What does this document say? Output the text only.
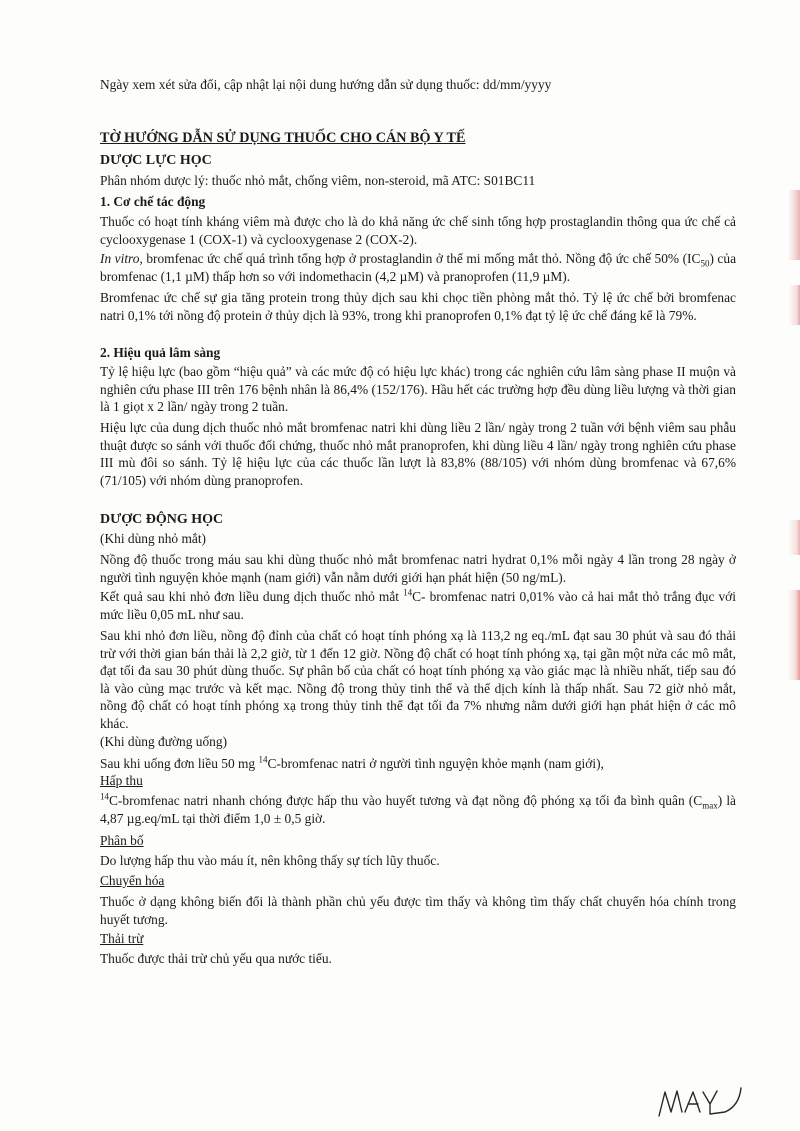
Ngày xem xét sửa đổi, cập nhật lại nội dung hướng dẫn sử dụng thuốc: dd/mm/yyyy

TỜ HƯỚNG DẪN SỬ DỤNG THUỐC CHO CÁN BỘ Y TẾ

DƯỢC LỰC HỌC

Phân nhóm dược lý: thuốc nhỏ mắt, chống viêm, non-steroid, mã ATC: S01BC11

1. Cơ chế tác động

Thuốc có hoạt tính kháng viêm mà được cho là do khả năng ức chế sinh tổng hợp prostaglandin thông qua ức chế cả cyclooxygenase 1 (COX-1) và cyclooxygenase 2 (COX-2).

In vitro, bromfenac ức chế quá trình tổng hợp ở prostaglandin ở thể mi mống mắt thỏ. Nồng độ ức chế 50% $(IC_{50})$ của bromfenac (1,1 µM) thấp hơn so với indomethacin (4,2 µM) và pranoprofen (11,9 µM).

Bromfenac ức chế sự gia tăng protein trong thủy dịch sau khi chọc tiền phòng mắt thỏ. Tỷ lệ ức chế bởi bromfenac natri 0,1% tới nồng độ protein ở thủy dịch là 93%, trong khi pranoprofen 0,1% đạt tỷ lệ ức chế đáng kể là 79%.

2. Hiệu quả lâm sàng

Tỷ lệ hiệu lực (bao gồm “hiệu quả” và các mức độ có hiệu lực khác) trong các nghiên cứu lâm sàng phase II muộn và nghiên cứu phase III trên 176 bệnh nhân là 86,4% (152/176). Hầu hết các trường hợp đều dùng liều lượng và thời gian là 1 giọt x 2 lần/ ngày trong 2 tuần.

Hiệu lực của dung dịch thuốc nhỏ mắt bromfenac natri khi dùng liều 2 lần/ ngày trong 2 tuần với bệnh viêm sau phẫu thuật được so sánh với thuốc đối chứng, thuốc nhỏ mắt pranoprofen, khi dùng liều 4 lần/ ngày trong nghiên cứu phase III mù đôi so sánh. Tỷ lệ hiệu lực của các thuốc lần lượt là 83,8% (88/105) với nhóm dùng bromfenac và 67,6% (71/105) với nhóm dùng pranoprofen.

DƯỢC ĐỘNG HỌC

(Khi dùng nhỏ mắt)

Nồng độ thuốc trong máu sau khi dùng thuốc nhỏ mắt bromfenac natri hydrat 0,1% mỗi ngày 4 lần trong 28 ngày ở người tình nguyện khỏe mạnh (nam giới) vẫn nằm dưới giới hạn phát hiện (50 ng/mL).

Kết quả sau khi nhỏ đơn liều dung dịch thuốc nhỏ mắt $^{14}$C- bromfenac natri 0,01% vào cả hai mắt thỏ trắng đục với mức liều 0,05 mL như sau.

Sau khi nhỏ đơn liều, nồng độ đỉnh của chất có hoạt tính phóng xạ là 113,2 ng eq./mL đạt sau 30 phút và sau đó thải trừ với thời gian bán thải là 2,2 giờ, từ 1 đến 12 giờ. Nồng độ chất có hoạt tính phóng xạ, tại gần một nửa các mô mắt, đạt tối đa sau 30 phút dùng thuốc. Sự phân bố của chất có hoạt tính phóng xạ vào giác mạc là nhiều nhất, tiếp sau đó là vào củng mạc trước và kết mạc. Nồng độ trong thủy tinh thể và thể dịch kính là thấp nhất. Sau 72 giờ nhỏ mắt, nồng độ chất có hoạt tính phóng xạ trong thủy tinh thể đạt tối đa 7% nhưng nằm dưới giới hạn phát hiện ở các mô khác.

(Khi dùng đường uống)

Sau khi uống đơn liều 50 mg $^{14}$C-bromfenac natri ở người tình nguyện khỏe mạnh (nam giới),

Hấp thu

$^{14}$C-bromfenac natri nhanh chóng được hấp thu vào huyết tương và đạt nồng độ phóng xạ tối đa bình quân $(C_{max})$ là 4,87 µg.eq/mL tại thời điểm 1,0 ± 0,5 giờ.

Phân bố

Do lượng hấp thu vào máu ít, nên không thấy sự tích lũy thuốc.

Chuyển hóa

Thuốc ở dạng không biến đổi là thành phần chủ yếu được tìm thấy và không tìm thấy chất chuyển hóa chính trong huyết tương.

Thải trừ

Thuốc được thải trừ chủ yếu qua nước tiểu.
